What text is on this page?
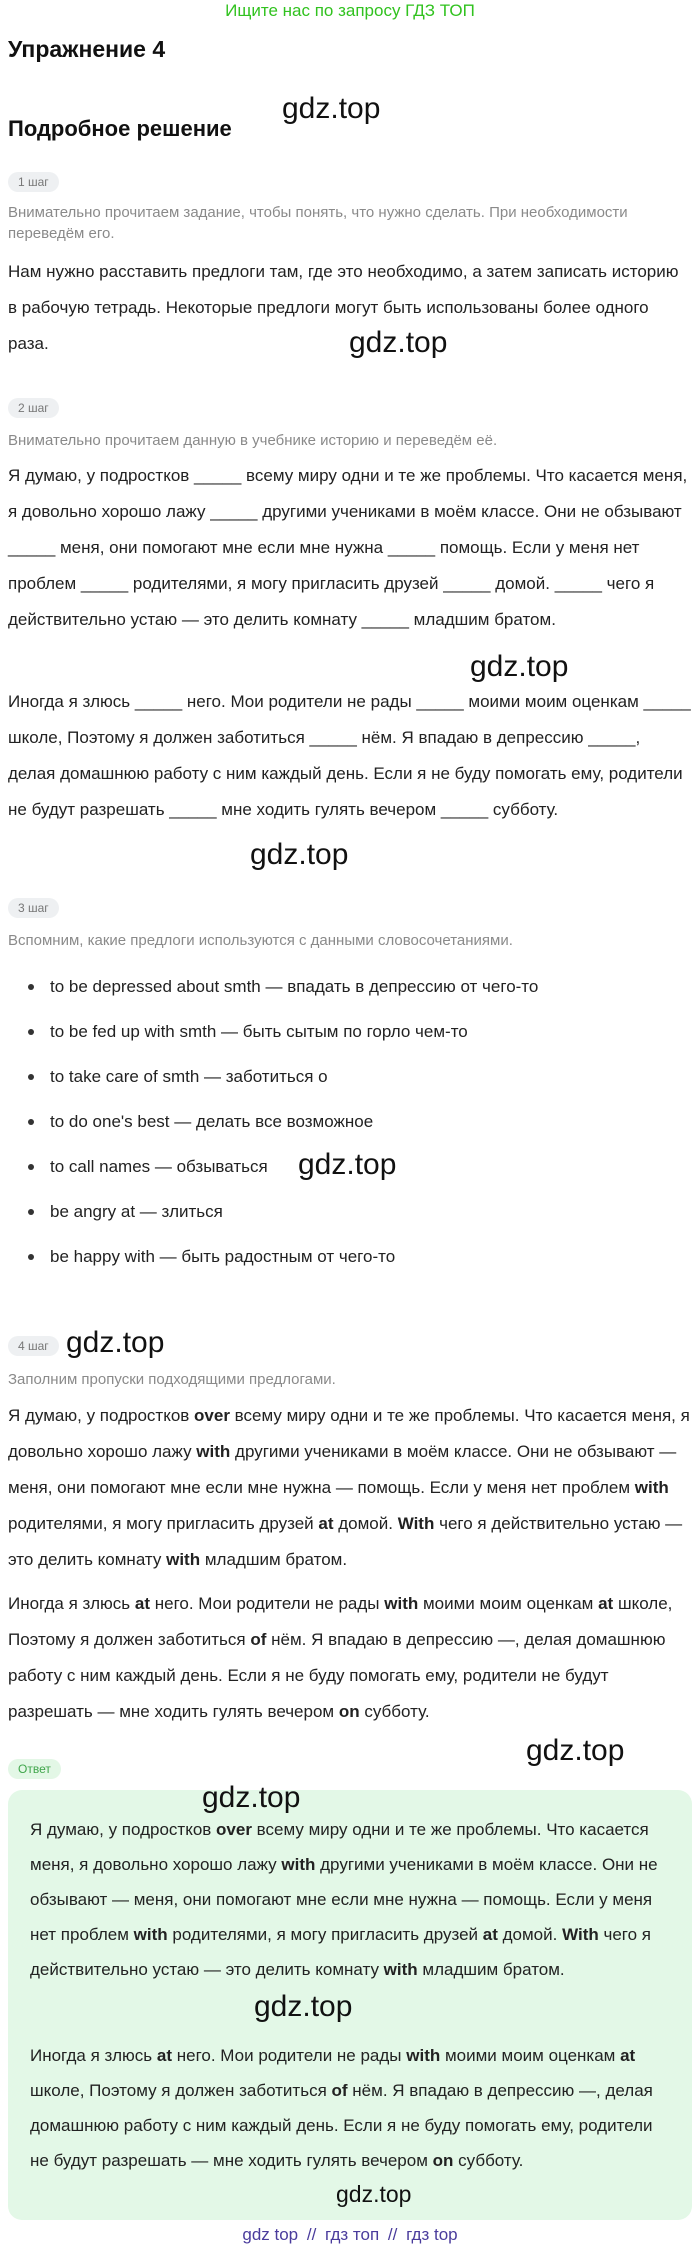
Ищите нас по запросу ГДЗ ТОП
Упражнение 4
Подробное решение
1 шаг
Внимательно прочитаем задание, чтобы понять, что нужно сделать. При необходимости переведём его.
Нам нужно расставить предлоги там, где это необходимо, а затем записать историю в рабочую тетрадь. Некоторые предлоги могут быть использованы более одного раза.
2 шаг
Внимательно прочитаем данную в учебнике историю и переведём её.
Я думаю, у подростков _____ всему миру одни и те же проблемы. Что касается меня, я довольно хорошо лажу _____ другими учениками в моём классе. Они не обзывают _____ меня, они помогают мне если мне нужна _____ помощь. Если у меня нет проблем _____ родителями, я могу пригласить друзей _____ домой. _____ чего я действительно устаю — это делить комнату _____ младшим братом.
Иногда я злюсь _____ него. Мои родители не рады _____ моими моим оценкам _____ школе, Поэтому я должен заботиться _____ нём. Я впадаю в депрессию _____, делая домашнюю работу с ним каждый день. Если я не буду помогать ему, родители не будут разрешать _____ мне ходить гулять вечером _____ субботу.
3 шаг
Вспомним, какие предлоги используются с данными словосочетаниями.
to be depressed about smth — впадать в депрессию от чего-то
to be fed up with smth — быть сытым по горло чем-то
to take care of smth — заботиться о
to do one's best — делать все возможное
to call names — обзываться
be angry at — злиться
be happy with — быть радостным от чего-то
4 шаг
Заполним пропуски подходящими предлогами.
Я думаю, у подростков over всему миру одни и те же проблемы. Что касается меня, я довольно хорошо лажу with другими учениками в моём классе. Они не обзывают — меня, они помогают мне если мне нужна — помощь. Если у меня нет проблем with родителями, я могу пригласить друзей at домой. With чего я действительно устаю — это делить комнату with младшим братом.
Иногда я злюсь at него. Мои родители не рады with моими моим оценкам at школе, Поэтому я должен заботиться of нём. Я впадаю в депрессию —, делая домашнюю работу с ним каждый день. Если я не буду помогать ему, родители не будут разрешать — мне ходить гулять вечером on субботу.
Ответ
Я думаю, у подростков over всему миру одни и те же проблемы. Что касается меня, я довольно хорошо лажу with другими учениками в моём классе. Они не обзывают — меня, они помогают мне если мне нужна — помощь. Если у меня нет проблем with родителями, я могу пригласить друзей at домой. With чего я действительно устаю — это делить комнату with младшим братом.
Иногда я злюсь at него. Мои родители не рады with моими моим оценкам at школе, Поэтому я должен заботиться of нём. Я впадаю в депрессию —, делая домашнюю работу с ним каждый день. Если я не буду помогать ему, родители не будут разрешать — мне ходить гулять вечером on субботу.
gdz.top
gdz.top
gdz.top
gdz.top
gdz.top
gdz.top
gdz.top
gdz.top
gdz.top
gdz.top
gdz top // гдз топ // гдз top
